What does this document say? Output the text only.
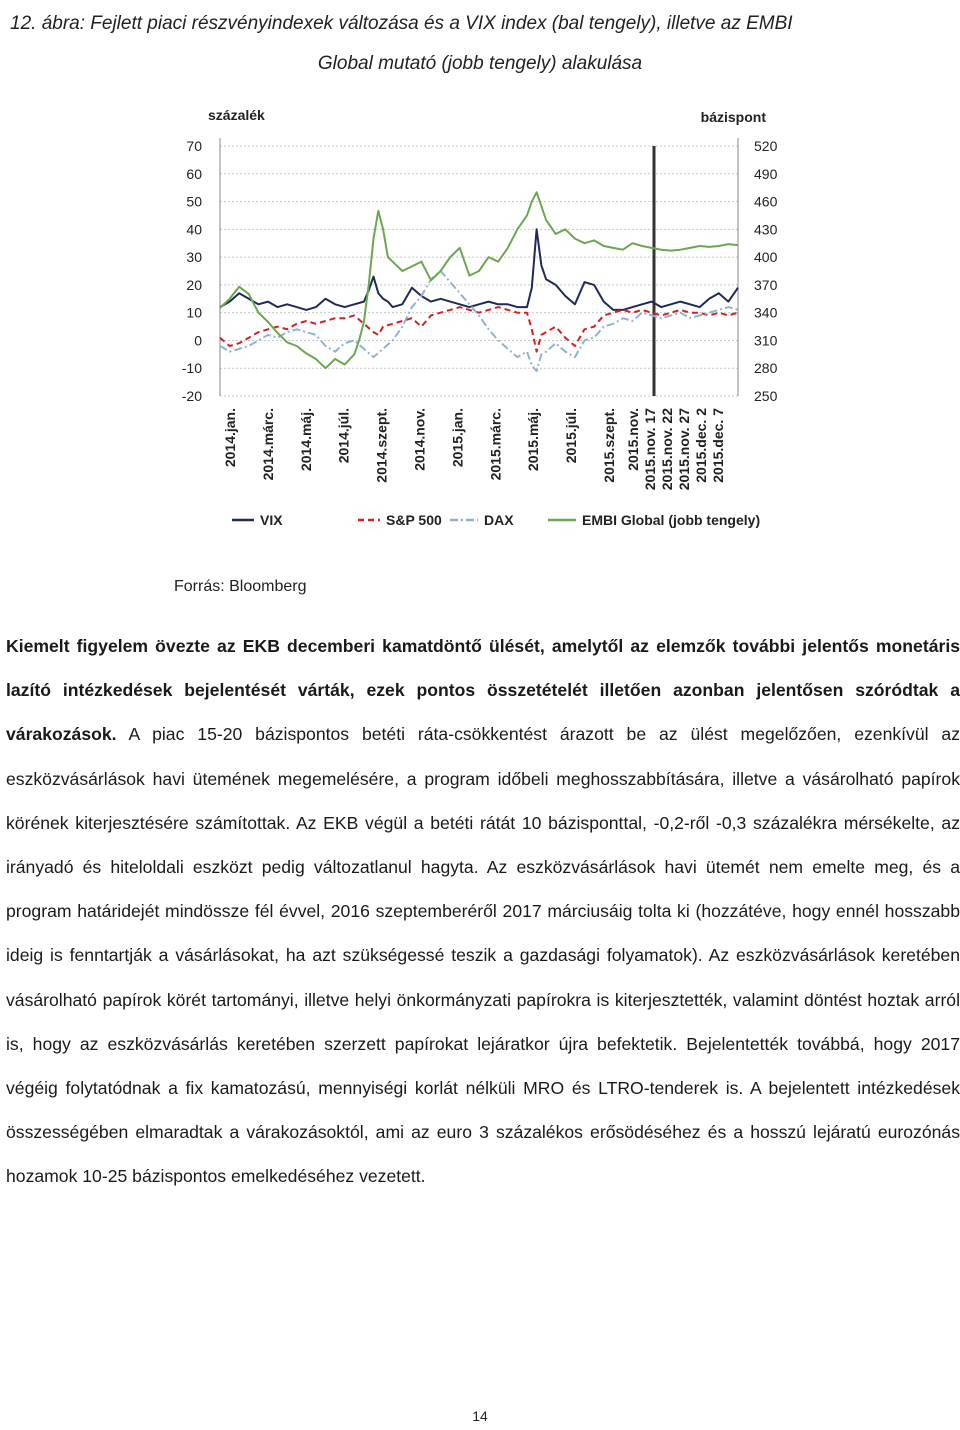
12. ábra: Fejlett piaci részvényindexek változása és a VIX index (bal tengely), illetve az EMBI
Global mutató (jobb tengely) alakulása
százalék	bázispont
70
60
50
40
30
20
10
0
-10
-20
520
490
460
430
400
370
340
310
280
250
2014.jan. 2014.márc. 2014.máj. 2014.júl. 2014.szept. 2014.nov. 2015.jan. 2015.márc. 2015.máj. 2015.júl. 2015.szept. 2015.nov. 2015.nov. 17 2015.nov. 22 2015.nov. 27 2015.dec. 2 2015.dec. 7
VIX	S&P 500	DAX	EMBI Global (jobb tengely)
Forrás: Bloomberg
Kiemelt figyelem övezte az EKB decemberi kamatdöntő ülését, amelytől az elemzők további jelentős monetáris lazító intézkedések bejelentését várták, ezek pontos összetételét illetően azonban jelentősen szóródtak a várakozások. A piac 15-20 bázispontos betéti ráta-csökkentést árazott be az ülést megelőzően, ezenkívül az eszközvásárlások havi ütemének megemelésére, a program időbeli meghosszabbítására, illetve a vásárolható papírok körének kiterjesztésére számítottak. Az EKB végül a betéti rátát 10 bázisponttal, -0,2-ről -0,3 százalékra mérsékelte, az irányadó és hiteloldali eszközt pedig változatlanul hagyta. Az eszközvásárlások havi ütemét nem emelte meg, és a program határidejét mindössze fél évvel, 2016 szeptemberéről 2017 márciusáig tolta ki (hozzátéve, hogy ennél hosszabb ideig is fenntartják a vásárlásokat, ha azt szükségessé teszik a gazdasági folyamatok). Az eszközvásárlások keretében vásárolható papírok körét tartományi, illetve helyi önkormányzati papírokra is kiterjesztették, valamint döntést hoztak arról is, hogy az eszközvásárlás keretében szerzett papírokat lejáratkor újra befektetik. Bejelentették továbbá, hogy 2017 végéig folytatódnak a fix kamatozású, mennyiségi korlát nélküli MRO és LTRO-tenderek is. A bejelentett intézkedések összességében elmaradtak a várakozásoktól, ami az euro 3 százalékos erősödéséhez és a hosszú lejáratú eurozónás hozamok 10-25 bázispontos emelkedéséhez vezetett.
14
